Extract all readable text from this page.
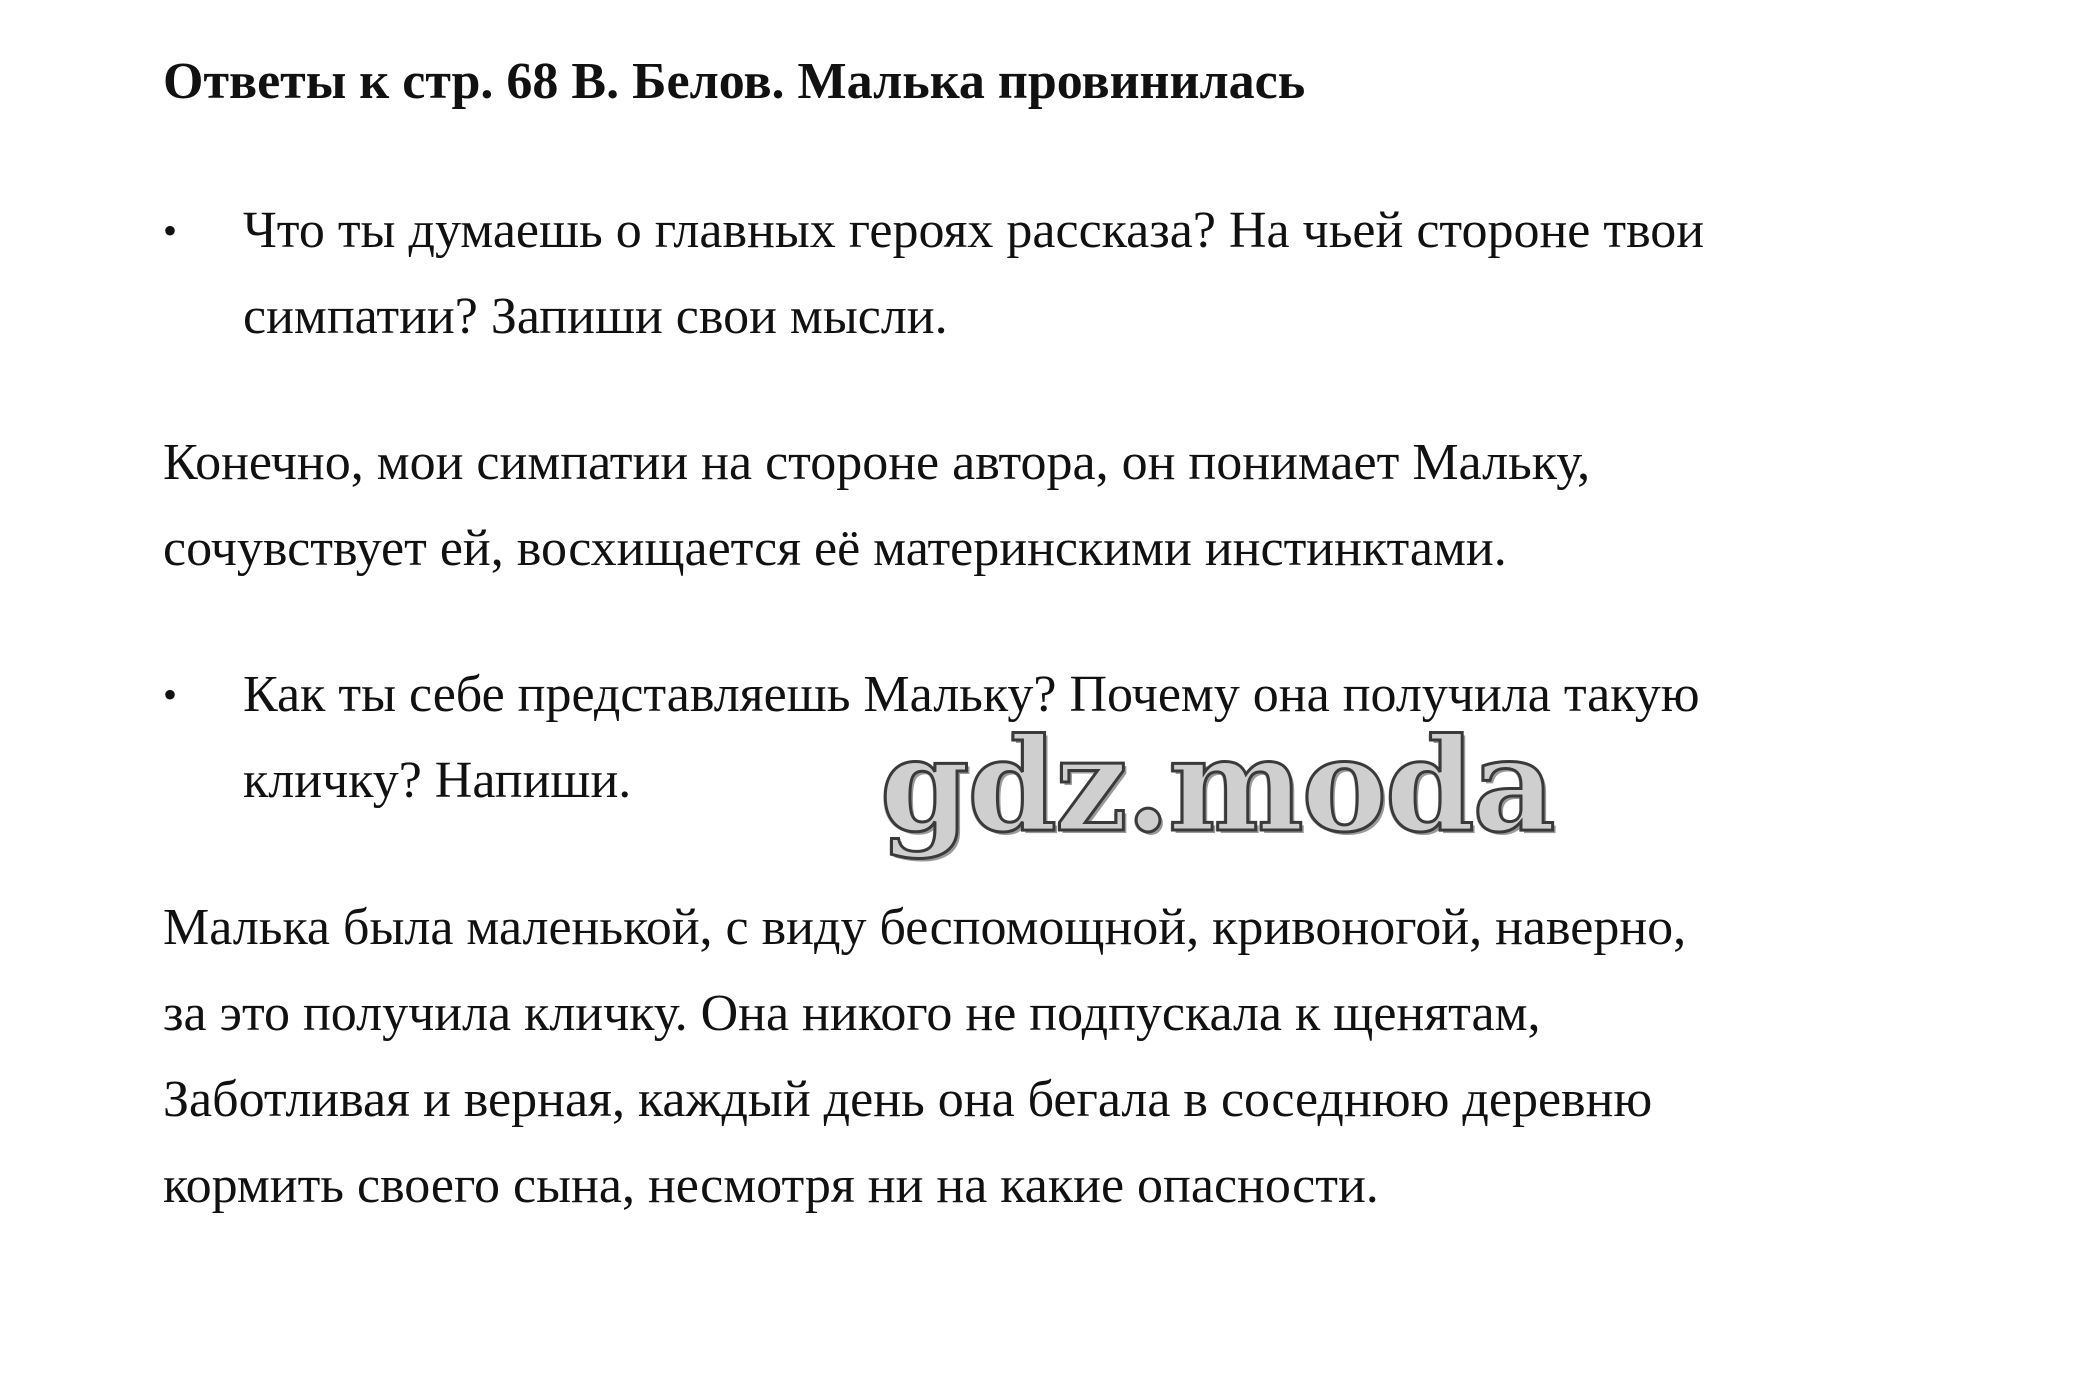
Ответы к стр. 68 В. Белов. Малька провинилась
• Что ты думаешь о главных героях рассказа? На чьей стороне твои
симпатии? Запиши свои мысли.
Конечно, мои симпатии на стороне автора, он понимает Мальку,
сочувствует ей, восхищается её материнскими инстинктами.
• Как ты себе представляешь Мальку? Почему она получила такую
кличку? Напиши.	gdz.moda
Малька была маленькой, с виду беспомощной, кривоногой, наверно,
за это получила кличку. Она никого не подпускала к щенятам,
Заботливая и верная, каждый день она бегала в соседнюю деревню
кормить своего сына, несмотря ни на какие опасности.
